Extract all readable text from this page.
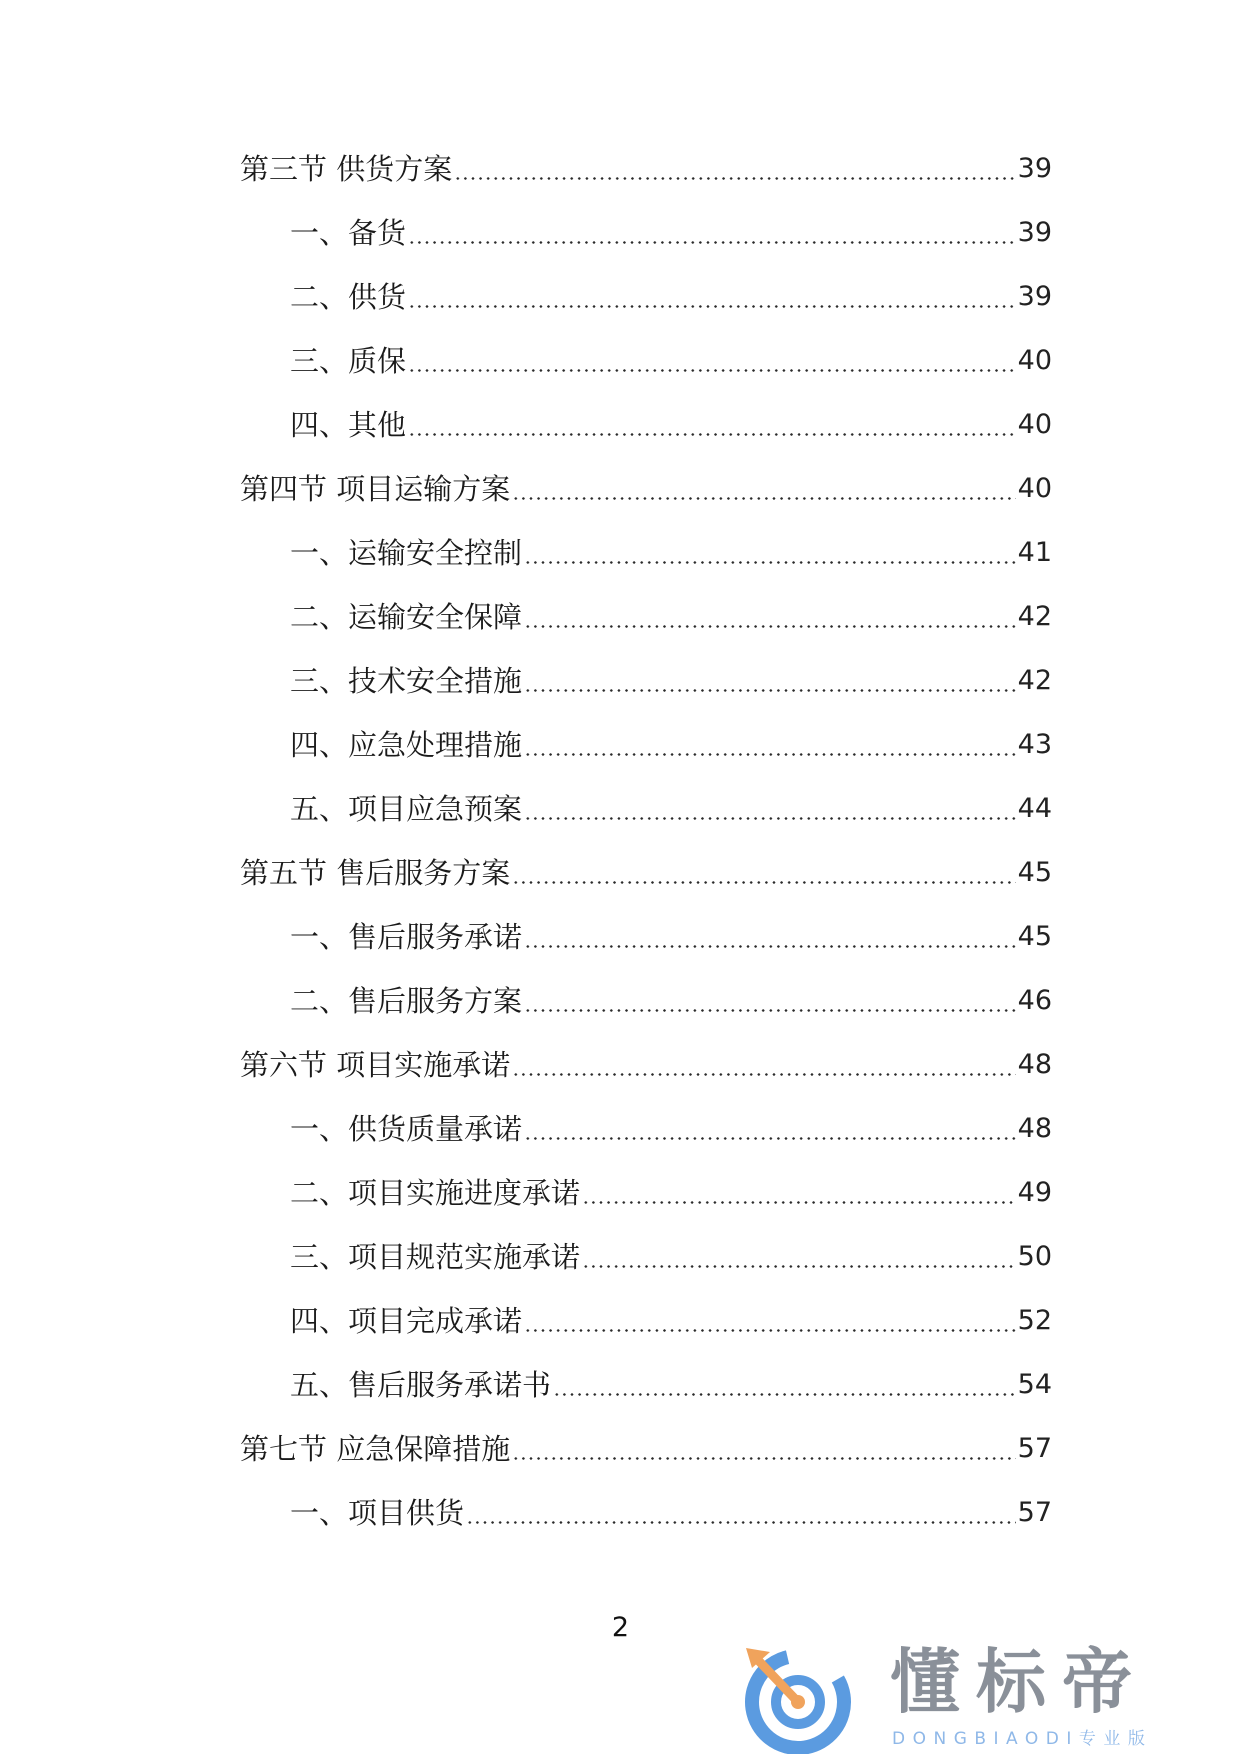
第三节 供货方案	39
一、备货	39
二、供货	39
三、质保	40
四、其他	40
第四节 项目运输方案	40
一、运输安全控制	41
二、运输安全保障	42
三、技术安全措施	42
四、应急处理措施	43
五、项目应急预案	44
第五节 售后服务方案	45
一、售后服务承诺	45
二、售后服务方案	46
第六节 项目实施承诺	48
一、供货质量承诺	48
二、项目实施进度承诺	49
三、项目规范实施承诺	50
四、项目完成承诺	52
五、售后服务承诺书	54
第七节 应急保障措施	57
一、项目供货	57
2
懂标帝
DONGBIAODI专业版
